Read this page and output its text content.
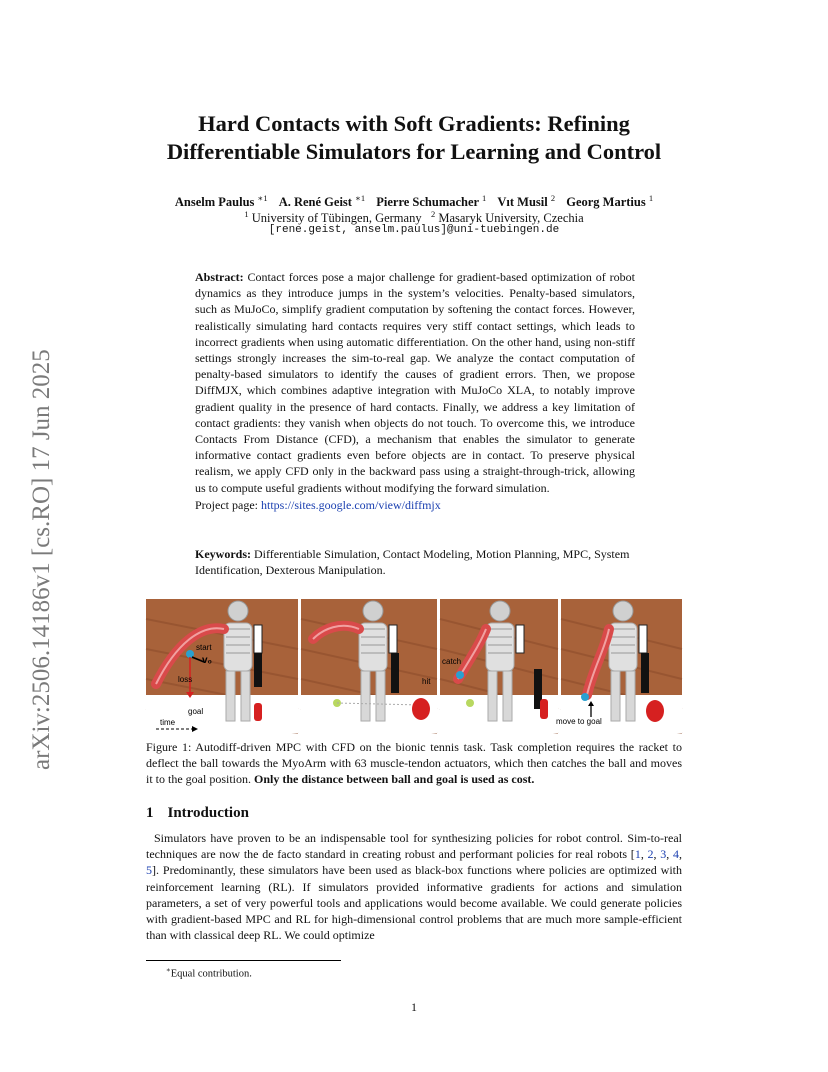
arXiv:2506.14186v1 [cs.RO] 17 Jun 2025
Hard Contacts with Soft Gradients: Refining
Differentiable Simulators for Learning and Control
Anselm Paulus $^{∗1}$ A. René Geist $^{∗1}$ Pierre Schumacher $^1$ Vıt Musil $^2$ Georg Martius $^1$
$^1$ University of Tübingen, Germany $^2$ Masaryk University, Czechia
[rene.geist, anselm.paulus]@uni-tuebingen.de
Abstract: Contact forces pose a major challenge for gradient-based optimization of robot dynamics as they introduce jumps in the system’s velocities. Penalty-based simulators, such as MuJoCo, simplify gradient computation by softening the contact forces. However, realistically simulating hard contacts requires very stiff contact settings, which leads to incorrect gradients when using automatic differentiation. On the other hand, using non-stiff settings strongly increases the sim-to-real gap. We analyze the contact computation of penalty-based simulators to identify the causes of gradient errors. Then, we propose DiffMJX, which combines adaptive integration with MuJoCo XLA, to notably improve gradient quality in the presence of hard contacts. Finally, we address a key limitation of contact gradients: they vanish when objects do not touch. To overcome this, we introduce Contacts From Distance (CFD), a mechanism that enables the simulator to generate informative contact gradients even before objects are in contact. To preserve physical realism, we apply CFD only in the backward pass using a straight-through-trick, allowing us to compute useful gradients without modifying the forward simulation.
Project page: https://sites.google.com/view/diffmjx
Keywords: Differentiable Simulation, Contact Modeling, Motion Planning, MPC, System Identification, Dexterous Manipulation.
start
v₀
loss
goal
time
catch
move to goal
hit
Figure 1: Autodiff-driven MPC with CFD on the bionic tennis task. Task completion requires the racket to deflect the ball towards the MyoArm with 63 muscle-tendon actuators, which then catches the ball and moves it to the goal position. Only the distance between ball and goal is used as cost.
1 Introduction
Simulators have proven to be an indispensable tool for synthesizing policies for robot control. Sim-to-real techniques are now the de facto standard in creating robust and performant policies for real robots [1, 2, 3, 4, 5]. Predominantly, these simulators have been used as black-box functions where policies are optimized with reinforcement learning (RL). If simulators provided informative gradients for actions and simulation parameters, a set of very powerful tools and applications would become available. We could generate policies with gradient-based MPC and RL for high-dimensional control problems that are much more sample-efficient than with classical deep RL. We could optimize
∗Equal contribution.
1
